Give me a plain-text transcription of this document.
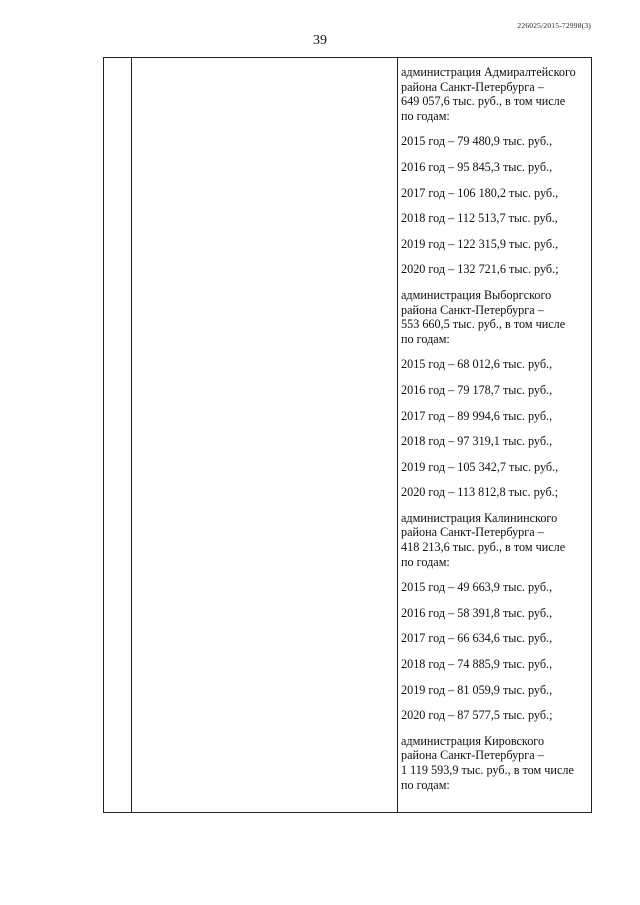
226025/2015-72998(3)
39
администрация Адмиралтейского
района Санкт-Петербурга –
649 057,6 тыс. руб., в том числе
по годам:
2015 год – 79 480,9 тыс. руб.,
2016 год – 95 845,3 тыс. руб.,
2017 год – 106 180,2 тыс. руб.,
2018 год – 112 513,7 тыс. руб.,
2019 год – 122 315,9 тыс. руб.,
2020 год – 132 721,6 тыс. руб.;
администрация Выборгского
района Санкт-Петербурга –
553 660,5 тыс. руб., в том числе
по годам:
2015 год – 68 012,6 тыс. руб.,
2016 год – 79 178,7 тыс. руб.,
2017 год – 89 994,6 тыс. руб.,
2018 год – 97 319,1 тыс. руб.,
2019 год – 105 342,7 тыс. руб.,
2020 год – 113 812,8 тыс. руб.;
администрация Калининского
района Санкт-Петербурга –
418 213,6 тыс. руб., в том числе
по годам:
2015 год – 49 663,9 тыс. руб.,
2016 год – 58 391,8 тыс. руб.,
2017 год – 66 634,6 тыс. руб.,
2018 год – 74 885,9 тыс. руб.,
2019 год – 81 059,9 тыс. руб.,
2020 год – 87 577,5 тыс. руб.;
администрация Кировского
района Санкт-Петербурга –
1 119 593,9 тыс. руб., в том числе
по годам:
